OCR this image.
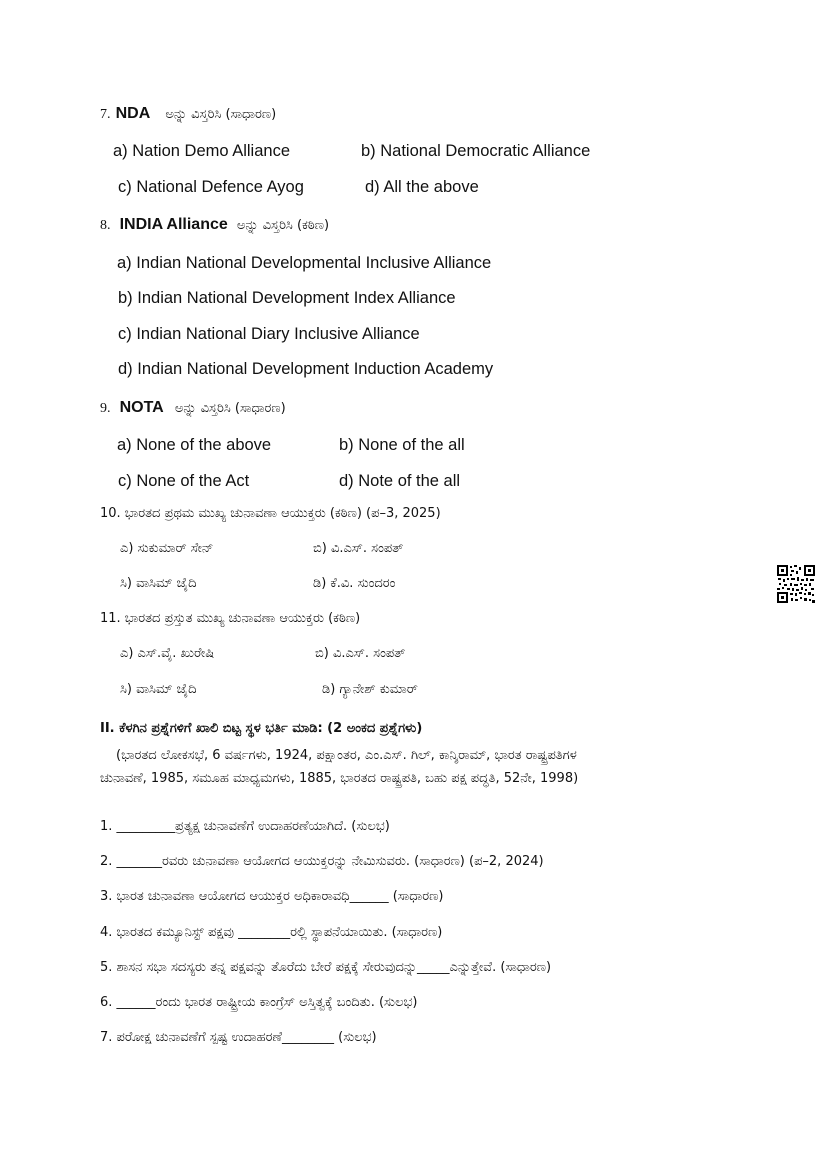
7. NDA ಅನ್ನು ವಿಸ್ತರಿಸಿ (ಸಾಧಾರಣ)
a) Nation Demo Alliance	b) National Democratic Alliance
c) National Defence Ayog	d) All the above
8. INDIA Alliance ಅನ್ನು ವಿಸ್ತರಿಸಿ (ಕಠಿಣ)
a) Indian National Developmental Inclusive Alliance
b) Indian National Development Index Alliance
c) Indian National Diary Inclusive Alliance
d) Indian National Development Induction Academy
9. NOTA ಅನ್ನು ವಿಸ್ತರಿಸಿ (ಸಾಧಾರಣ)
a) None of the above	b) None of the all
c) None of the Act	d) Note of the all
10. ಭಾರತದ ಪ್ರಥಮ ಮುಖ್ಯ ಚುನಾವಣಾ ಆಯುಕ್ತರು (ಕಠಿಣ) (ಪ–3, 2025)
ಎ) ಸುಕುಮಾರ್ ಸೇನ್	ಬಿ) ವಿ.ಎಸ್. ಸಂಪತ್
ಸಿ) ವಾಸಿಮ್ ಜೈದಿ	ಡಿ) ಕೆ.ವಿ. ಸುಂದರಂ
11. ಭಾರತದ ಪ್ರಸ್ತುತ ಮುಖ್ಯ ಚುನಾವಣಾ ಆಯುಕ್ತರು (ಕಠಿಣ)
ಎ) ಎಸ್.ವೈ. ಖುರೇಷಿ	ಬಿ) ವಿ.ಎಸ್. ಸಂಪತ್
ಸಿ) ವಾಸಿಮ್ ಜೈದಿ	ಡಿ) ಗ್ಯಾನೇಶ್ ಕುಮಾರ್
II. ಕೆಳಗಿನ ಪ್ರಶ್ನೆಗಳಿಗೆ ಖಾಲಿ ಬಿಟ್ಟ ಸ್ಥಳ ಭರ್ತಿ ಮಾಡಿ: (2 ಅಂಕದ ಪ್ರಶ್ನೆಗಳು)
(ಭಾರತದ ಲೋಕಸಭೆ, 6 ವರ್ಷಗಳು, 1924, ಪಕ್ಷಾಂತರ, ಎಂ.ಎಸ್. ಗಿಲ್, ಕಾನ್ಶಿರಾಮ್, ಭಾರತ ರಾಷ್ಟ್ರಪತಿಗಳ
ಚುನಾವಣೆ, 1985, ಸಮೂಹ ಮಾಧ್ಯಮಗಳು, 1885, ಭಾರತದ ರಾಷ್ಟ್ರಪತಿ, ಬಹು ಪಕ್ಷ ಪದ್ಧತಿ, 52ನೇ, 1998)
1. _________ಪ್ರತ್ಯಕ್ಷ ಚುನಾವಣೆಗೆ ಉದಾಹರಣೆಯಾಗಿದೆ. (ಸುಲಭ)
2. _______ರವರು ಚುನಾವಣಾ ಆಯೋಗದ ಆಯುಕ್ತರನ್ನು ನೇಮಿಸುವರು. (ಸಾಧಾರಣ) (ಪ–2, 2024)
3. ಭಾರತ ಚುನಾವಣಾ ಆಯೋಗದ ಆಯುಕ್ತರ ಅಧಿಕಾರಾವಧಿ______ (ಸಾಧಾರಣ)
4. ಭಾರತದ ಕಮ್ಯೂನಿಸ್ಟ್ ಪಕ್ಷವು ________ರಲ್ಲಿ ಸ್ಥಾಪನೆಯಾಯಿತು. (ಸಾಧಾರಣ)
5. ಶಾಸನ ಸಭಾ ಸದಸ್ಯರು ತನ್ನ ಪಕ್ಷವನ್ನು ತೊರೆದು ಬೇರೆ ಪಕ್ಷಕ್ಕೆ ಸೇರುವುದನ್ನು_____ಎನ್ನುತ್ತೇವೆ. (ಸಾಧಾರಣ)
6. ______ರಂದು ಭಾರತ ರಾಷ್ಟ್ರೀಯ ಕಾಂಗ್ರೆಸ್ ಅಸ್ತಿತ್ವಕ್ಕೆ ಬಂದಿತು. (ಸುಲಭ)
7. ಪರೋಕ್ಷ ಚುನಾವಣೆಗೆ ಸ್ಪಷ್ಟ ಉದಾಹರಣೆ________ (ಸುಲಭ)
